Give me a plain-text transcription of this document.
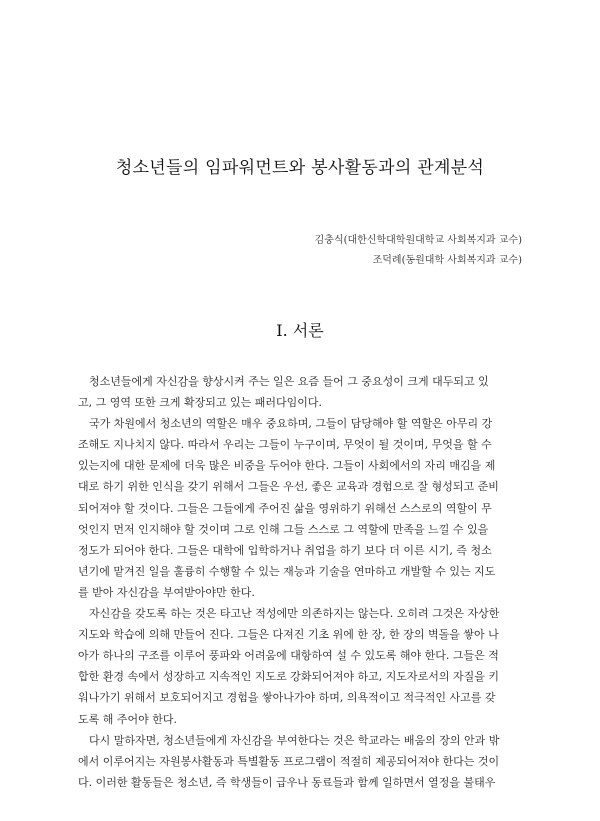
청소년들의 임파워먼트와 봉사활동과의 관계분석
김충식(대한신학대학원대학교 사회복지과 교수)
조덕례(동원대학 사회복지과 교수)
Ⅰ. 서론
청소년들에게 자신감을 향상시켜 주는 일은 요즘 들어 그 중요성이 크게 대두되고 있
고, 그 영역 또한 크게 확장되고 있는 패러다임이다.
국가 차원에서 청소년의 역할은 매우 중요하며, 그들이 담당해야 할 역할은 아무리 강
조해도 지나치지 않다. 따라서 우리는 그들이 누구이며, 무엇이 될 것이며, 무엇을 할 수
있는지에 대한 문제에 더욱 많은 비중을 두어야 한다. 그들이 사회에서의 자리 매김을 제
대로 하기 위한 인식을 갖기 위해서 그들은 우선, 좋은 교육과 경험으로 잘 형성되고 준비
되어져야 할 것이다. 그들은 그들에게 주어진 삶을 영위하기 위해선 스스로의 역할이 무
엇인지 먼저 인지해야 할 것이며 그로 인해 그들 스스로 그 역할에 만족을 느낄 수 있을
정도가 되어야 한다. 그들은 대학에 입학하거나 취업을 하기 보다 더 이른 시기, 즉 청소
년기에 맡겨진 일을 훌륭히 수행할 수 있는 재능과 기술을 연마하고 개발할 수 있는 지도
를 받아 자신감을 부여받아야만 한다.
자신감을 갖도록 하는 것은 타고난 적성에만 의존하지는 않는다. 오히려 그것은 자상한
지도와 학습에 의해 만들어 진다. 그들은 다져진 기초 위에 한 장, 한 장의 벽돌을 쌓아 나
아가 하나의 구조를 이루어 풍파와 어려움에 대항하여 설 수 있도록 해야 한다. 그들은 적
합한 환경 속에서 성장하고 지속적인 지도로 강화되어져야 하고, 지도자로서의 자질을 키
워나가기 위해서 보호되어지고 경험을 쌓아나가야 하며, 의욕적이고 적극적인 사고를 갖
도록 해 주어야 한다.
다시 말하자면, 청소년들에게 자신감을 부여한다는 것은 학교라는 배움의 장의 안과 밖
에서 이루어지는 자원봉사활동과 특별활동 프로그램이 적절히 제공되어져야 한다는 것이
다. 이러한 활동들은 청소년, 즉 학생들이 급우나 동료들과 함께 일하면서 열정을 불태우
